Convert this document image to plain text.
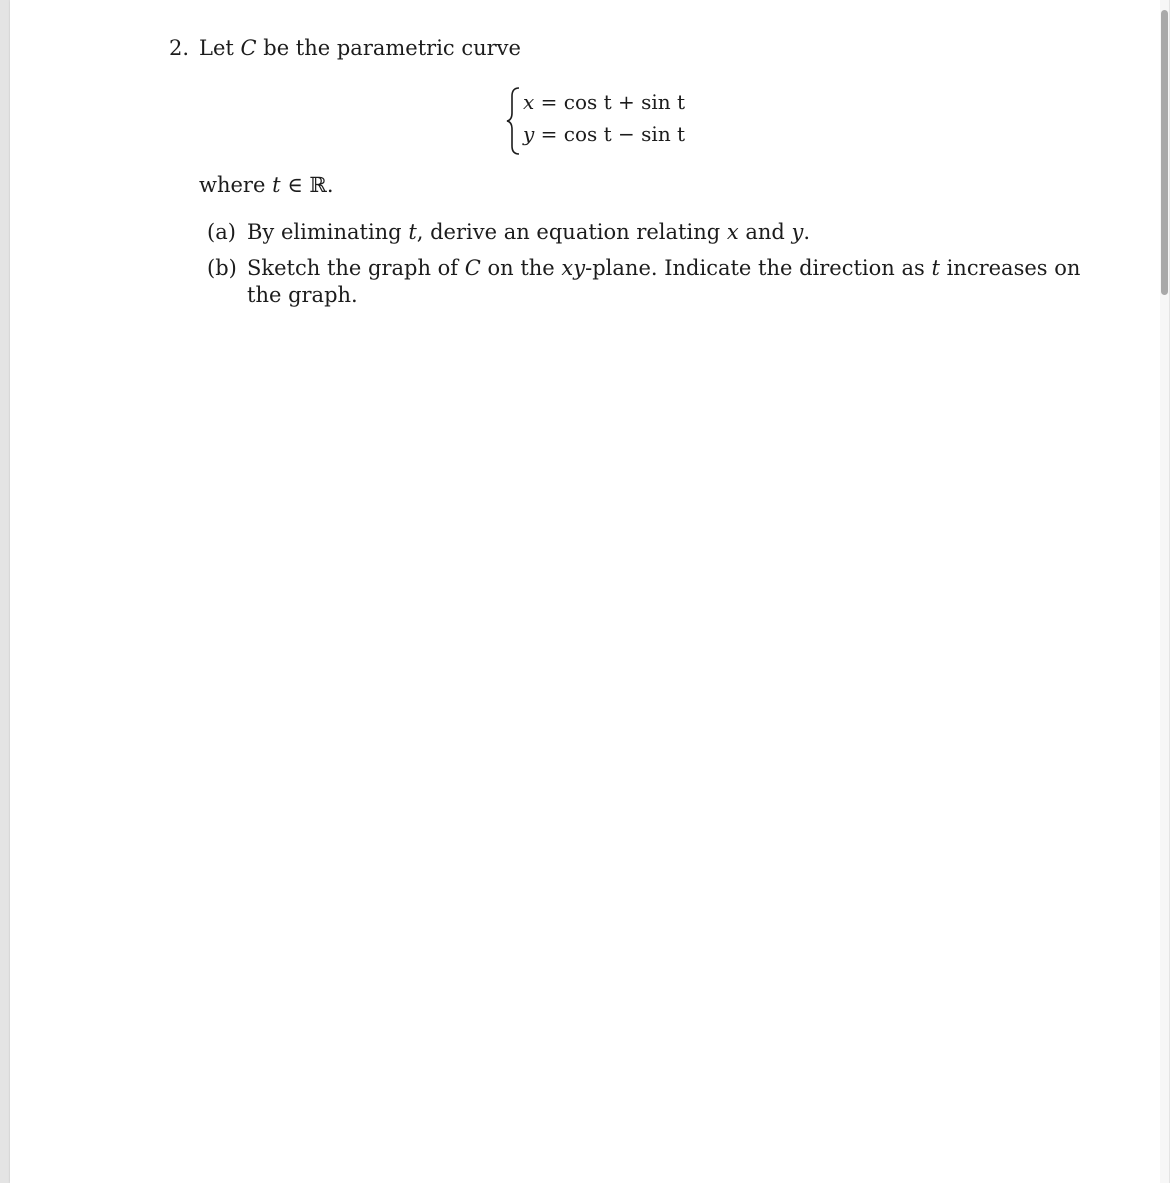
2. Let C be the parametric curve
x = cos t + sin t
y = cos t − sin t
where t ∈ ℝ.
(a) By eliminating t, derive an equation relating x and y.
(b) Sketch the graph of C on the xy-plane. Indicate the direction as t increases on
the graph.
